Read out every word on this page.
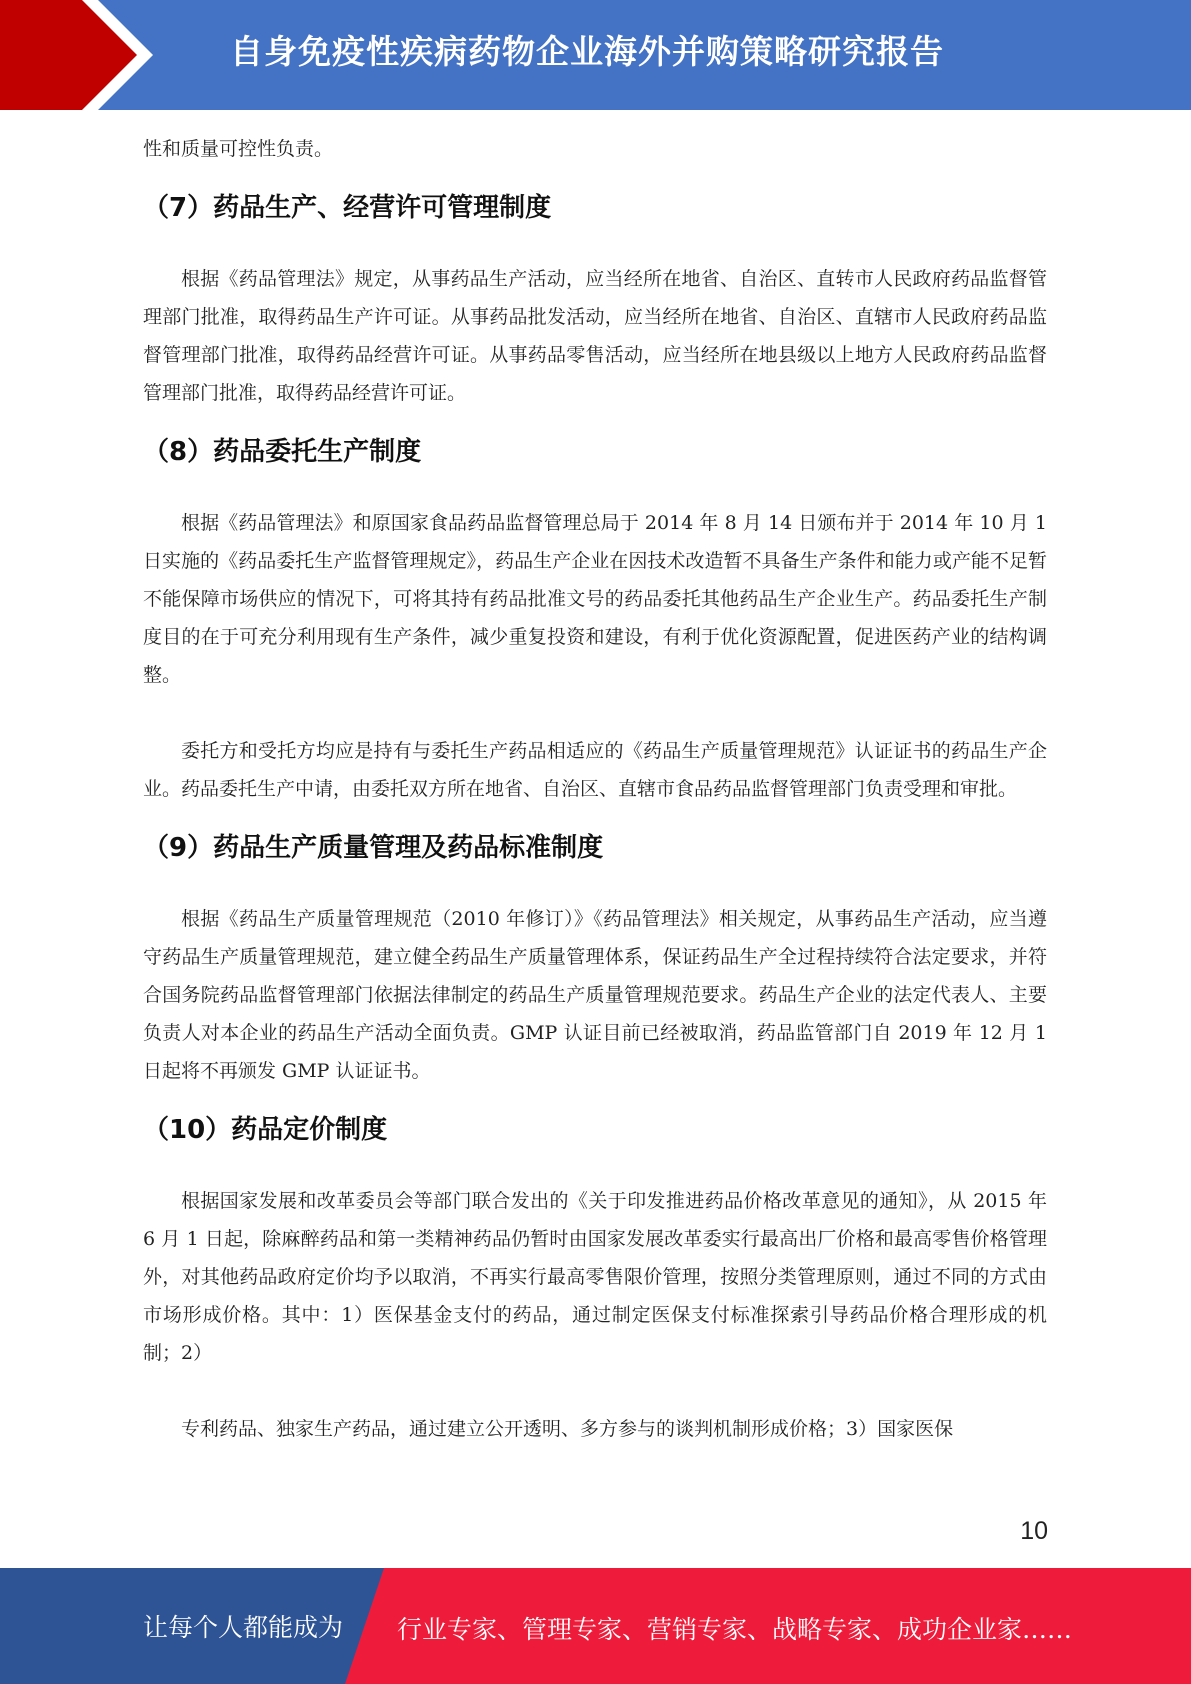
自身免疫性疾病药物企业海外并购策略研究报告

性和质量可控性负责。

（7）药品生产、经营许可管理制度

根据《药品管理法》规定，从事药品生产活动，应当经所在地省、自治区、直转市人民政府药品监督管理部门批准，取得药品生产许可证。从事药品批发活动，应当经所在地省、自治区、直辖市人民政府药品监督管理部门批准，取得药品经营许可证。从事药品零售活动，应当经所在地县级以上地方人民政府药品监督管理部门批准，取得药品经营许可证。

（8）药品委托生产制度

根据《药品管理法》和原国家食品药品监督管理总局于 2014 年 8 月 14 日颁布并于 2014 年 10 月 1 日实施的《药品委托生产监督管理规定》，药品生产企业在因技术改造暂不具备生产条件和能力或产能不足暂不能保障市场供应的情况下，可将其持有药品批准文号的药品委托其他药品生产企业生产。药品委托生产制度目的在于可充分利用现有生产条件，减少重复投资和建设，有利于优化资源配置，促进医药产业的结构调整。

委托方和受托方均应是持有与委托生产药品相适应的《药品生产质量管理规范》认证证书的药品生产企业。药品委托生产中请，由委托双方所在地省、自治区、直辖市食品药品监督管理部门负责受理和审批。

（9）药品生产质量管理及药品标准制度

根据《药品生产质量管理规范（2010 年修订）》《药品管理法》相关规定，从事药品生产活动，应当遵守药品生产质量管理规范，建立健全药品生产质量管理体系，保证药品生产全过程持续符合法定要求，并符合国务院药品监督管理部门依据法律制定的药品生产质量管理规范要求。药品生产企业的法定代表人、主要负责人对本企业的药品生产活动全面负责。GMP 认证目前已经被取消，药品监管部门自 2019 年 12 月 1 日起将不再颁发 GMP 认证证书。

（10）药品定价制度

根据国家发展和改革委员会等部门联合发出的《关于印发推进药品价格改革意见的通知》，从 2015 年 6 月 1 日起，除麻醉药品和第一类精神药品仍暂时由国家发展改革委实行最高出厂价格和最高零售价格管理外，对其他药品政府定价均予以取消，不再实行最高零售限价管理，按照分类管理原则，通过不同的方式由市场形成价格。其中：1）医保基金支付的药品，通过制定医保支付标准探索引导药品价格合理形成的机制；2）

专利药品、独家生产药品，通过建立公开透明、多方参与的谈判机制形成价格；3）国家医保

10
让每个人都能成为 行业专家、管理专家、营销专家、战略专家、成功企业家……
